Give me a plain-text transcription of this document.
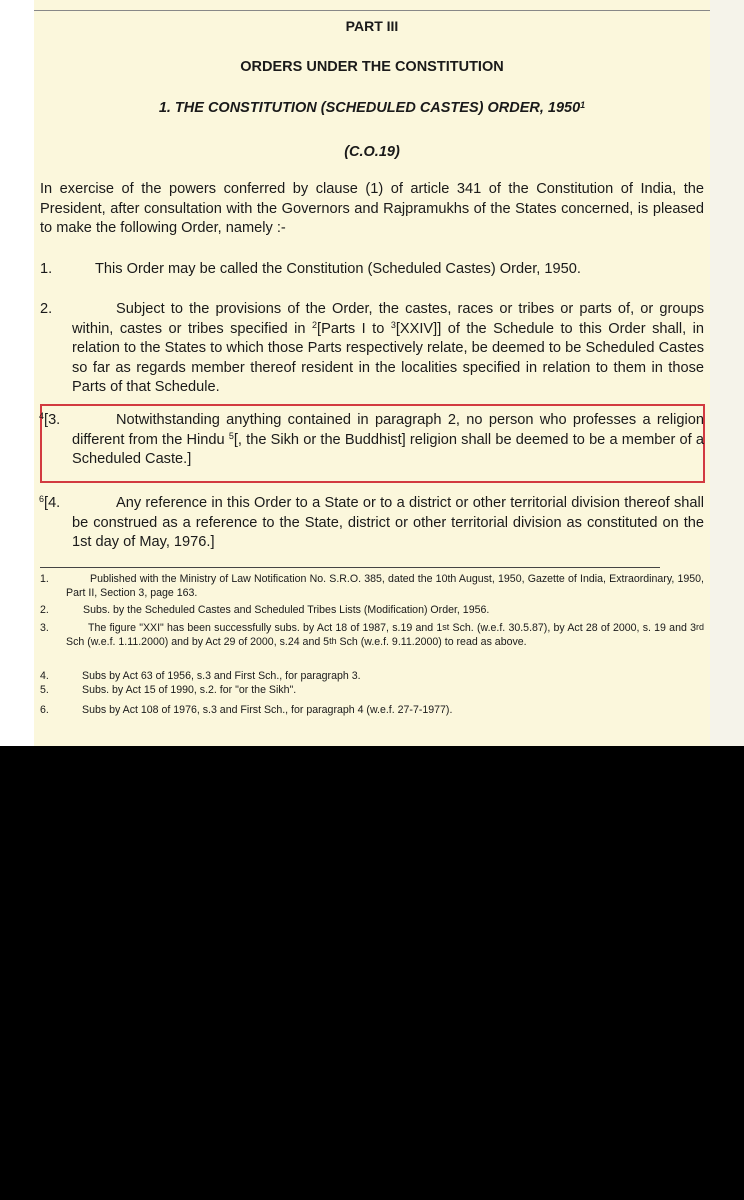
PART III
ORDERS UNDER THE CONSTITUTION
1. THE CONSTITUTION (SCHEDULED CASTES) ORDER, 1950$^1$
(C.O.19)
In exercise of the powers conferred by clause (1) of article 341 of the Constitution of India, the President, after consultation with the Governors and Rajpramukhs of the States concerned, is pleased to make the following Order, namely :-
1.	This Order may be called the Constitution (Scheduled Castes) Order, 1950.
2.	Subject to the provisions of the Order, the castes, races or tribes or parts of, or groups within, castes or tribes specified in $^2$[Parts I to $^3$[XXIV]] of the Schedule to this Order shall, in relation to the States to which those Parts respectively relate, be deemed to be Scheduled Castes so far as regards member thereof resident in the localities specified in relation to them in those Parts of that Schedule.
$^4$[3.	Notwithstanding anything contained in paragraph 2, no person who professes a religion different from the Hindu $^5$[, the Sikh or the Buddhist] religion shall be deemed to be a member of a Scheduled Caste.]
$^6$[4.	Any reference in this Order to a State or to a district or other territorial division thereof shall be construed as a reference to the State, district or other territorial division as constituted on the 1st day of May, 1976.]
1.	Published with the Ministry of Law Notification No. S.R.O. 385, dated the 10th August, 1950, Gazette of India, Extraordinary, 1950, Part II, Section 3, page 163.
2.	Subs. by the Scheduled Castes and Scheduled Tribes Lists (Modification) Order, 1956.
3.	The figure "XXI" has been successfully subs. by Act 18 of 1987, s.19 and 1st Sch. (w.e.f. 30.5.87), by Act 28 of 2000, s. 19 and 3rd Sch (w.e.f. 1.11.2000) and by Act 29 of 2000, s.24 and 5th Sch (w.e.f. 9.11.2000) to read as above.
4.	Subs by Act 63 of 1956, s.3 and First Sch., for paragraph 3.
5.	Subs. by Act 15 of 1990, s.2. for "or the Sikh".
6.	Subs by Act 108 of 1976, s.3 and First Sch., for paragraph 4 (w.e.f. 27-7-1977).
